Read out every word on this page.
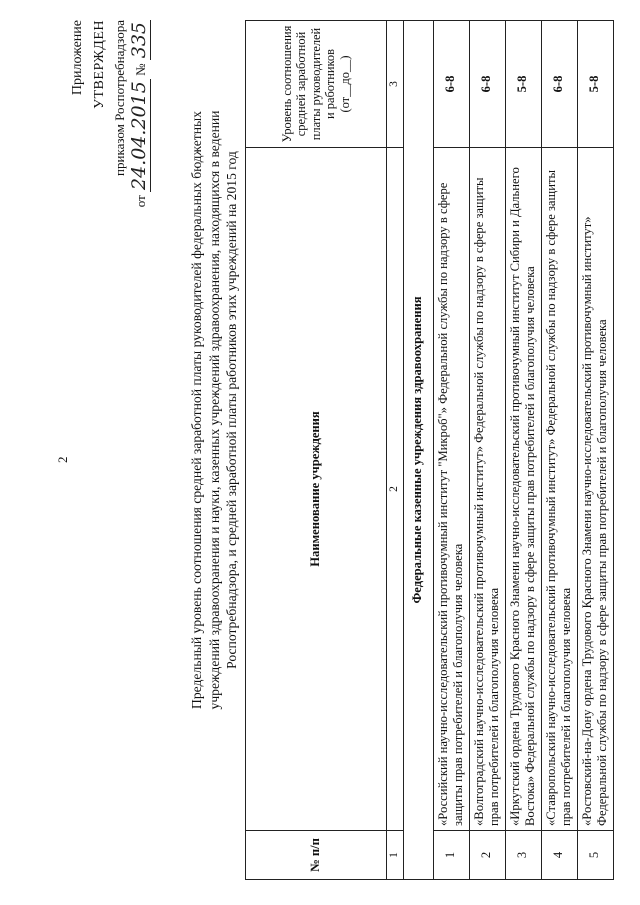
2
Приложение УТВЕРЖДЕН приказом Роспотребнадзора
от 24.04.2015 № 335
Предельный уровень соотношения средней заработной платы руководителей федеральных бюджетных учреждений здравоохранения и науки, казенных учреждений здравоохранения, находящихся в ведении Роспотребнадзора, и средней заработной платы работников этих учреждений на 2015 год
№ п/п	Наименование учреждения	Уровень соотношения средней заработной платы руководителей и работников (от__до__)
1	2	3
Федеральные казенные учреждения здравоохранения		
1	«Российский научно-исследовательский противочумный институт "Микроб"» Федеральной службы по надзору в сфере защиты прав потребителей и благополучия человека	6-8
2	«Волгоградский научно-исследовательский противочумный институт» Федеральной службы по надзору в сфере защиты прав потребителей и благополучия человека	6-8
3	«Иркутский ордена Трудового Красного Знамени научно-исследовательский противочумный институт Сибири и Дальнего Востока» Федеральной службы по надзору в сфере защиты прав потребителей и благополучия человека	5-8
4	«Ставропольский научно-исследовательский противочумный институт» Федеральной службы по надзору в сфере защиты прав потребителей и благополучия человека	6-8
5	«Ростовский-на-Дону ордена Трудового Красного Знамени научно-исследовательский противочумный институт» Федеральной службы по надзору в сфере защиты прав потребителей и благополучия человека	5-8
